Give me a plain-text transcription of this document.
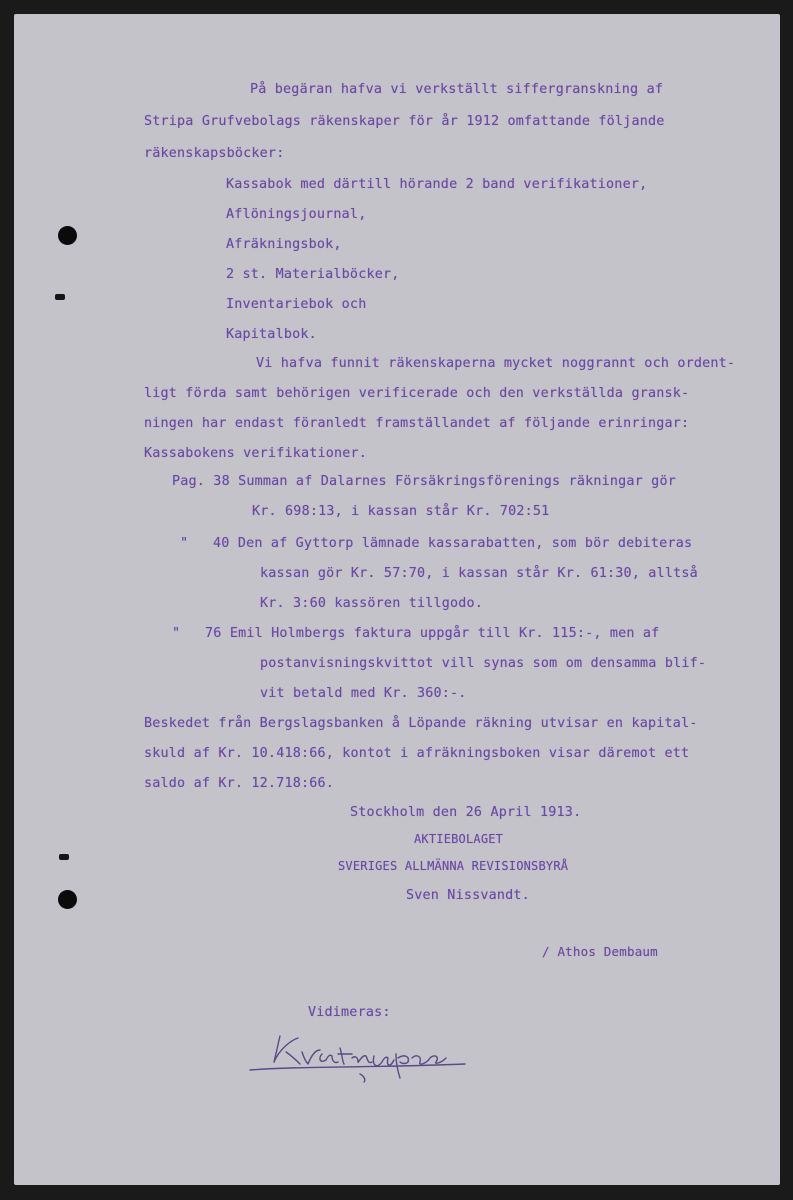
På begäran hafva vi verkställt siffergranskning af
Stripa Grufvebolags räkenskaper för år 1912 omfattande följande
räkenskapsböcker:
Kassabok med därtill hörande 2 band verifikationer,
Aflöningsjournal,
Afräkningsbok,
2 st. Materialböcker,
Inventariebok och
Kapitalbok.
Vi hafva funnit räkenskaperna mycket noggrannt och ordent-
ligt förda samt behörigen verificerade och den verkställda gransk-
ningen har endast föranledt framställandet af följande erinringar:
Kassabokens verifikationer.
Pag. 38 Summan af Dalarnes Försäkringsförenings räkningar gör
Kr. 698:13, i kassan står Kr. 702:51
"   40 Den af Gyttorp lämnade kassarabatten, som bör debiteras
kassan gör Kr. 57:70, i kassan står Kr. 61:30, alltså
Kr. 3:60 kassören tillgodo.
"   76 Emil Holmbergs faktura uppgår till Kr. 115:-, men af
postanvisningskvittot vill synas som om densamma blif-
vit betald med Kr. 360:-.
Beskedet från Bergslagsbanken å Löpande räkning utvisar en kapital-
skuld af Kr. 10.418:66, kontot i afräkningsboken visar däremot ett
saldo af Kr. 12.718:66.
Stockholm den 26 April 1913.
AKTIEBOLAGET
SVERIGES ALLMÄNNA REVISIONSBYRÅ
Sven Nissvandt.
/ Athos Dembaum
Vidimeras:
